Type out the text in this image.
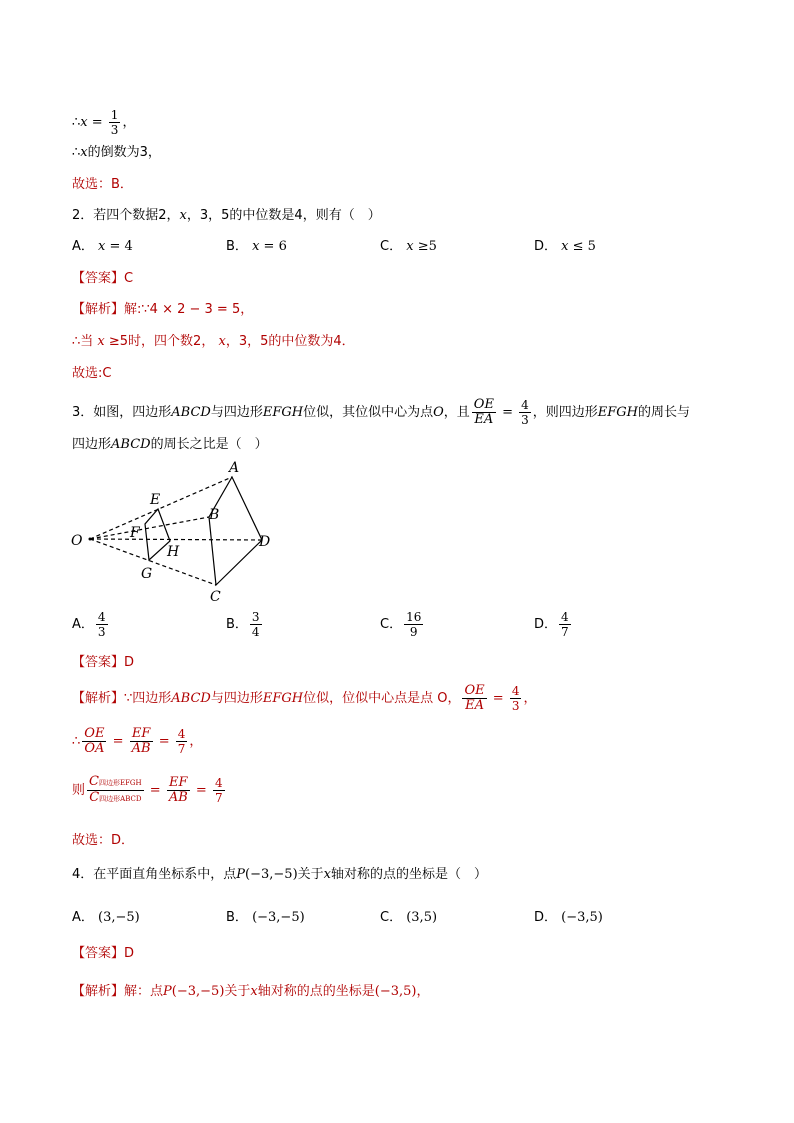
∴x = $\frac{1}{3}$ ，
∴x的倒数为3，
故选：B．
2．若四个数据2，x，3，5的中位数是4，则有（　）
A． x = 4	B． x = 6	C． x ≥5	D． x ≤ 5
【答案】C
【解析】解:∵4 × 2 − 3 = 5，
∴当 x ≥5时，四个数2， x，3，5的中位数为4．
故选:C
3．如图，四边形ABCD与四边形EFGH位似，其位似中心为点O，且 $\frac{OE}{EA} = \frac{4}{3}$ ，则四边形EFGH的周长与
四边形ABCD的周长之比是（　）
A
B
C
D
E
F
G
H
O
A． $\frac{4}{3}$	B． $\frac{3}{4}$	C． $\frac{16}{9}$	D． $\frac{4}{7}$
【答案】D
【解析】∵四边形ABCD与四边形EFGH位似，位似中心点是点 O， $\frac{OE}{EA} = \frac{4}{3}$ ，
∴ $\frac{OE}{OA} = \frac{EF}{AB} = \frac{4}{7}$ ，
则 $\frac{\text{C四边形EFGH}}{\text{C四边形ABCD}} = \frac{EF}{AB} = \frac{4}{7}$
故选：D．
4．在平面直角坐标系中，点P(−3,−5)关于x轴对称的点的坐标是（　）
A． (3,−5)	B． (−3,−5)	C． (3,5)	D． (−3,5)
【答案】D
【解析】解：点P(−3,−5)关于x轴对称的点的坐标是(−3,5)，
